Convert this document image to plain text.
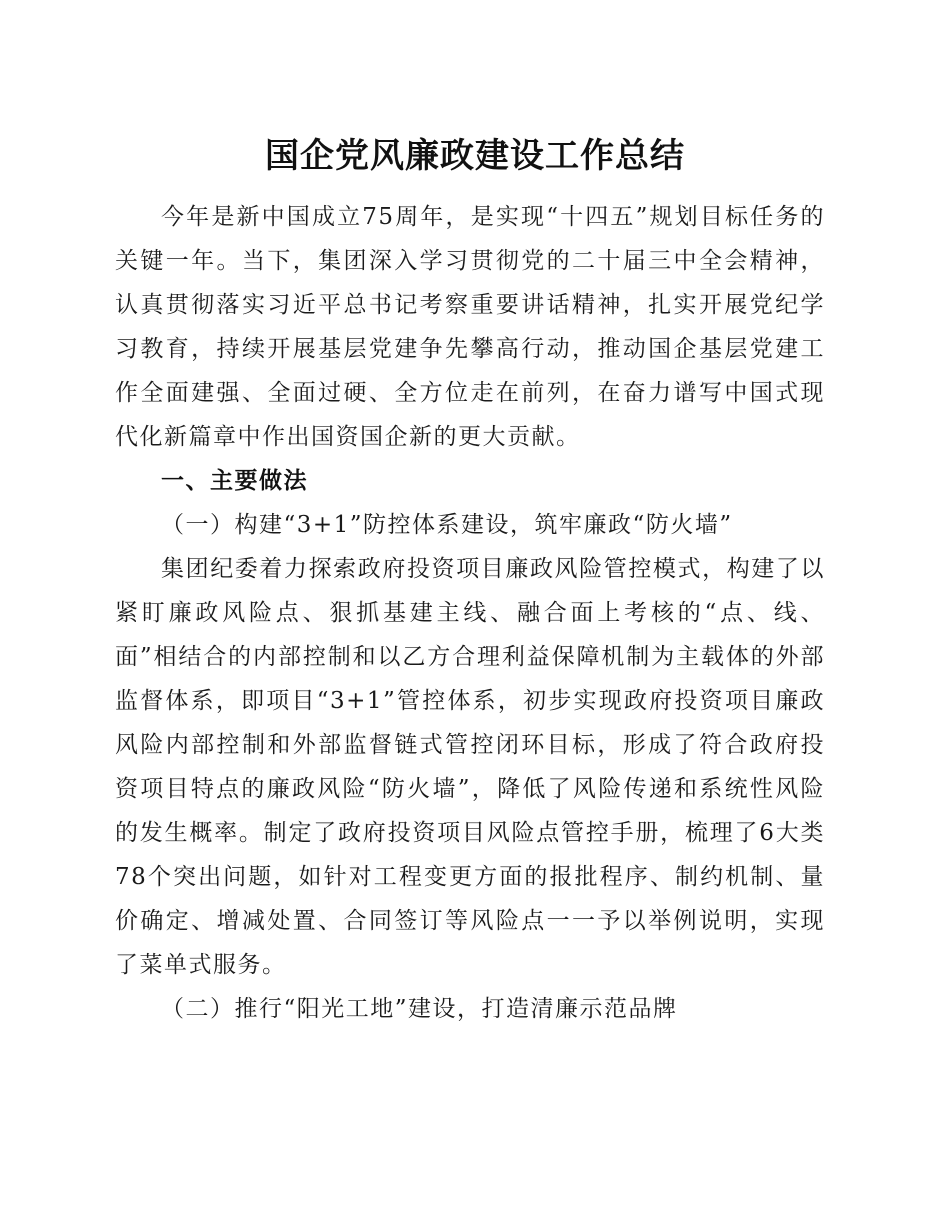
国企党风廉政建设工作总结

今年是新中国成立75周年，是实现“十四五”规划目标任务的关键一年。当下，集团深入学习贯彻党的二十届三中全会精神，认真贯彻落实习近平总书记考察重要讲话精神，扎实开展党纪学习教育，持续开展基层党建争先攀高行动，推动国企基层党建工作全面建强、全面过硬、全方位走在前列，在奋力谱写中国式现代化新篇章中作出国资国企新的更大贡献。

一、主要做法

（一）构建“3+1”防控体系建设，筑牢廉政“防火墙”

集团纪委着力探索政府投资项目廉政风险管控模式，构建了以紧盯廉政风险点、狠抓基建主线、融合面上考核的“点、线、面”相结合的内部控制和以乙方合理利益保障机制为主载体的外部监督体系，即项目“3+1”管控体系，初步实现政府投资项目廉政风险内部控制和外部监督链式管控闭环目标，形成了符合政府投资项目特点的廉政风险“防火墙”，降低了风险传递和系统性风险的发生概率。制定了政府投资项目风险点管控手册，梳理了6大类78个突出问题，如针对工程变更方面的报批程序、制约机制、量价确定、增减处置、合同签订等风险点一一予以举例说明，实现了菜单式服务。

（二）推行“阳光工地”建设，打造清廉示范品牌
